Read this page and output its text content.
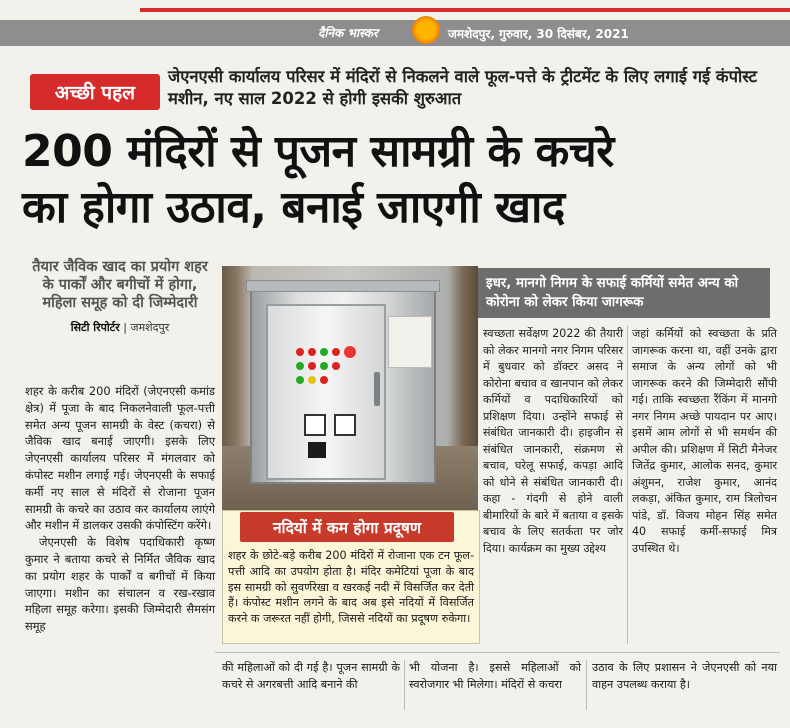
दैनिक भास्कर	जमशेदपुर, गुरुवार, 30 दिसंबर, 2021
अच्छी पहल
जेएनएसी कार्यालय परिसर में मंदिरों से निकलने वाले फूल-पत्ते के ट्रीटमेंट के लिए लगाई गई कंपोस्ट मशीन, नए साल 2022 से होगी इसकी शुरुआत
200 मंदिरों से पूजन सामग्री के कचरे
का होगा उठाव, बनाई जाएगी खाद
तैयार जैविक खाद का प्रयोग शहर के पार्कों और बगीचों में होगा, महिला समूह को दी जिम्मेदारी
सिटी रिपोर्टर | जमशेदपुर

शहर के करीब 200 मंदिरों (जेएनएसी कमांड क्षेत्र) में पूजा के बाद निकलनेवाली फूल-पत्ती समेत अन्य पूजन सामग्री के वेस्ट (कचरा) से जैविक खाद बनाई जाएगी। इसके लिए जेएनएसी कार्यालय परिसर में मंगलवार को कंपोस्ट मशीन लगाई गई। जेएनएसी के सफाई कर्मी नए साल से मंदिरों से रोजाना पूजन सामग्री के कचरे का उठाव कर कार्यालय लाएंगे और मशीन में डालकर उसकी कंपोस्टिंग करेंगे।

जेएनएसी के विशेष पदाधिकारी कृष्ण कुमार ने बताया कचरे से निर्मित जैविक खाद का प्रयोग शहर के पार्कों व बगीचों में किया जाएगा। मशीन का संचालन व रख-रखाव महिला समूह करेगा। इसकी जिम्मेदारी सैमसंग समूह

इधर, मानगो निगम के सफाई कर्मियों समेत अन्य को कोरोना को लेकर किया जागरूक
स्वच्छता सर्वेक्षण 2022 की तैयारी को लेकर मानगो नगर निगम परिसर में बुधवार को डॉक्टर असद ने कोरोना बचाव व खानपान को लेकर कर्मियों व पदाधिकारियों को प्रशिक्षण दिया। उन्होंने सफाई से संबंधित जानकारी दी। हाइजीन से संबंधित जानकारी, संक्रमण से बचाव, घरेलू सफाई, कपड़ा आदि को धोने से संबंधित जानकारी दी। कहा - गंदगी से होने वाली बीमारियों के बारे में बताया व इसके बचाव के लिए सतर्कता पर जोर दिया। कार्यक्रम का मुख्य उद्देश्य
जहां कर्मियों को स्वच्छता के प्रति जागरूक करना था, वहीं उनके द्वारा समाज के अन्य लोगों को भी जागरूक करने की जिम्मेदारी सौंपी गई। ताकि स्वच्छता रैंकिंग में मानगो नगर निगम अच्छे पायदान पर आए। इसमें आम लोगों से भी समर्थन की अपील की। प्रशिक्षण में सिटी मैनेजर जितेंद्र कुमार, आलोक सनद, कुमार अंशुमन, राजेश कुमार, आनंद लकड़ा, अंकित कुमार, राम त्रिलोचन पांडे, डॉ. विजय मोहन सिंह समेत 40 सफाई कर्मी-सफाई मित्र उपस्थित थे।
नदियों में कम होगा प्रदूषण
शहर के छोटे-बड़े करीब 200 मंदिरों में रोजाना एक टन फूल-पत्ती आदि का उपयोग होता है। मंदिर कमेटियां पूजा के बाद इस सामग्री को सुवर्णरेखा व खरकई नदी में विसर्जित कर देती हैं। कंपोस्ट मशीन लगने के बाद अब इसे नदियों में विसर्जित करने क जरूरत नहीं होगी, जिससे नदियों का प्रदूषण रुकेगा।
की महिलाओं को दी गई है। पूजन सामग्री के कचरे से अगरबत्ती आदि बनाने की
भी योजना है। इससे महिलाओं को स्वरोजगार भी मिलेगा। मंदिरों से कचरा
उठाव के लिए प्रशासन ने जेएनएसी को नया वाहन उपलब्ध कराया है।
